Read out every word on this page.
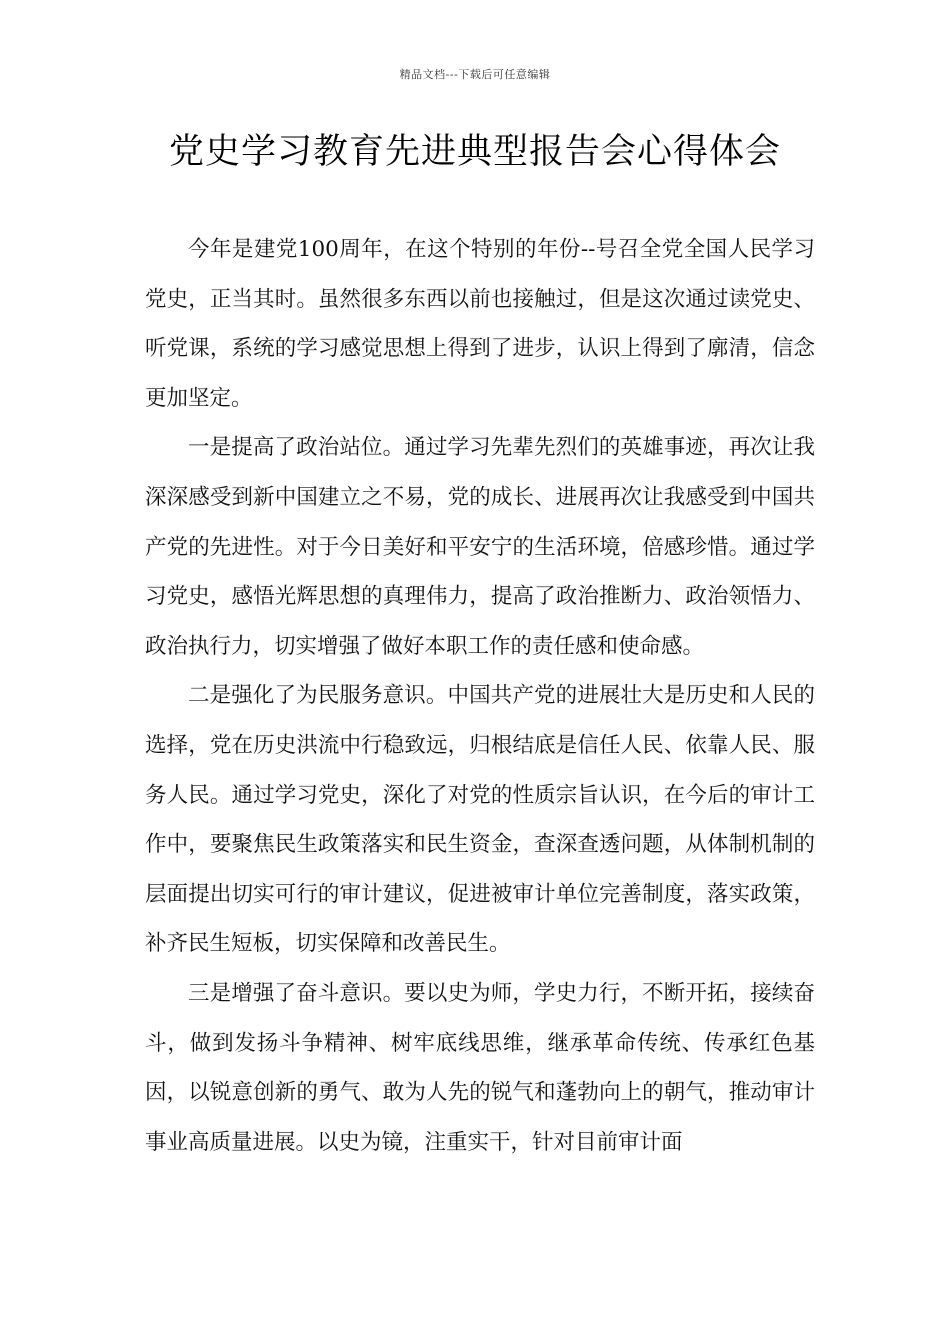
精品文档---下载后可任意编辑
党史学习教育先进典型报告会心得体会

今年是建党100周年，在这个特别的年份--号召全党全国人民学习党史，正当其时。虽然很多东西以前也接触过，但是这次通过读党史、听党课，系统的学习感觉思想上得到了进步，认识上得到了廓清，信念更加坚定。

一是提高了政治站位。通过学习先辈先烈们的英雄事迹，再次让我深深感受到新中国建立之不易，党的成长、进展再次让我感受到中国共产党的先进性。对于今日美好和平安宁的生活环境，倍感珍惜。通过学习党史，感悟光辉思想的真理伟力，提高了政治推断力、政治领悟力、政治执行力，切实增强了做好本职工作的责任感和使命感。

二是强化了为民服务意识。中国共产党的进展壮大是历史和人民的选择，党在历史洪流中行稳致远，归根结底是信任人民、依靠人民、服务人民。通过学习党史，深化了对党的性质宗旨认识，在今后的审计工作中，要聚焦民生政策落实和民生资金，查深查透问题，从体制机制的层面提出切实可行的审计建议，促进被审计单位完善制度，落实政策，补齐民生短板，切实保障和改善民生。

三是增强了奋斗意识。要以史为师，学史力行，不断开拓，接续奋斗，做到发扬斗争精神、树牢底线思维，继承革命传统、传承红色基因，以锐意创新的勇气、敢为人先的锐气和蓬勃向上的朝气，推动审计事业高质量进展。以史为镜，注重实干，针对目前审计面
